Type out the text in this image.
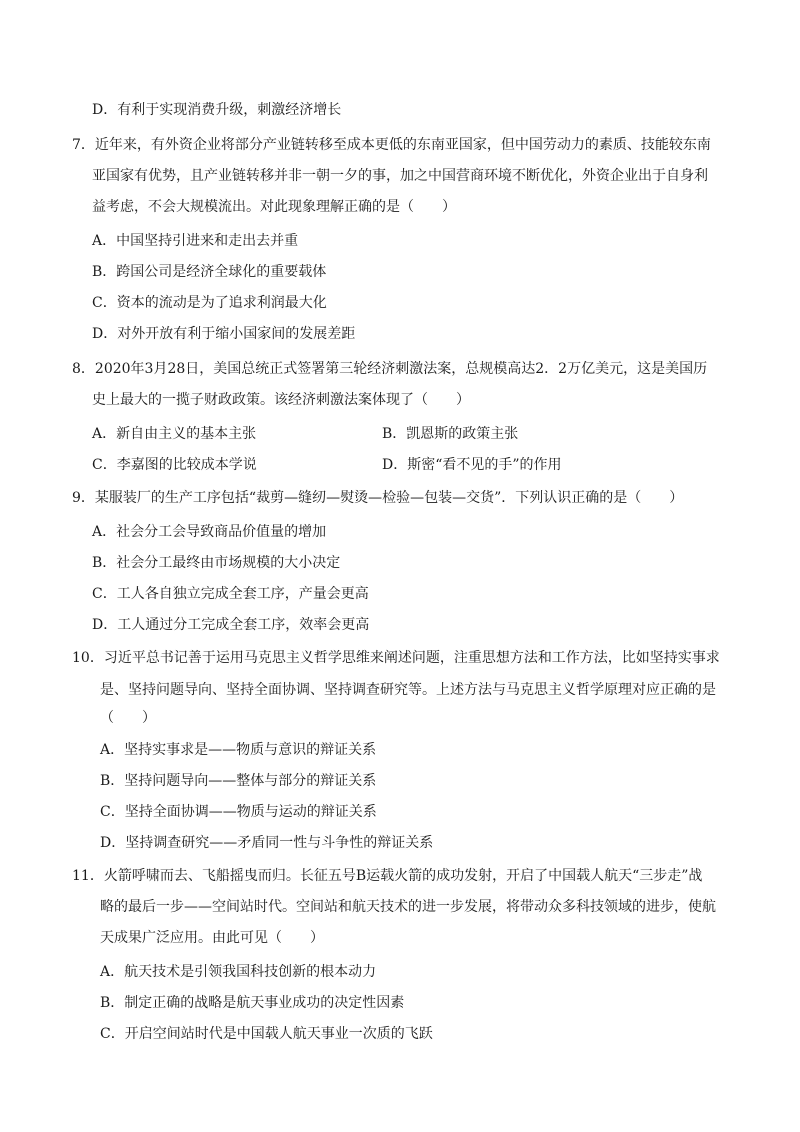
D．有利于实现消费升级，刺激经济增长
7．近年来，有外资企业将部分产业链转移至成本更低的东南亚国家，但中国劳动力的素质、技能较东南
亚国家有优势，且产业链转移并非一朝一夕的事，加之中国营商环境不断优化，外资企业出于自身利
益考虑，不会大规模流出。对此现象理解正确的是（　　）
A．中国坚持引进来和走出去并重
B．跨国公司是经济全球化的重要载体
C．资本的流动是为了追求利润最大化
D．对外开放有利于缩小国家间的发展差距
8．2020年3月28日，美国总统正式签署第三轮经济刺激法案，总规模高达2．2万亿美元，这是美国历
史上最大的一揽子财政政策。该经济刺激法案体现了（　　）
A．新自由主义的基本主张	B．凯恩斯的政策主张
C．李嘉图的比较成本学说	D．斯密“看不见的手”的作用
9．某服装厂的生产工序包括“裁剪—缝纫—熨烫—检验—包装—交货”．下列认识正确的是（　　）
A．社会分工会导致商品价值量的增加
B．社会分工最终由市场规模的大小决定
C．工人各自独立完成全套工序，产量会更高
D．工人通过分工完成全套工序，效率会更高
10．习近平总书记善于运用马克思主义哲学思维来阐述问题，注重思想方法和工作方法，比如坚持实事求
是、坚持问题导向、坚持全面协调、坚持调查研究等。上述方法与马克思主义哲学原理对应正确的是
（　　）
A．坚持实事求是——物质与意识的辩证关系
B．坚持问题导向——整体与部分的辩证关系
C．坚持全面协调——物质与运动的辩证关系
D．坚持调查研究——矛盾同一性与斗争性的辩证关系
11．火箭呼啸而去、飞船摇曳而归。长征五号B运载火箭的成功发射，开启了中国载人航天“三步走”战
略的最后一步——空间站时代。空间站和航天技术的进一步发展，将带动众多科技领域的进步，使航
天成果广泛应用。由此可见（　　）
A．航天技术是引领我国科技创新的根本动力
B．制定正确的战略是航天事业成功的决定性因素
C．开启空间站时代是中国载人航天事业一次质的飞跃
